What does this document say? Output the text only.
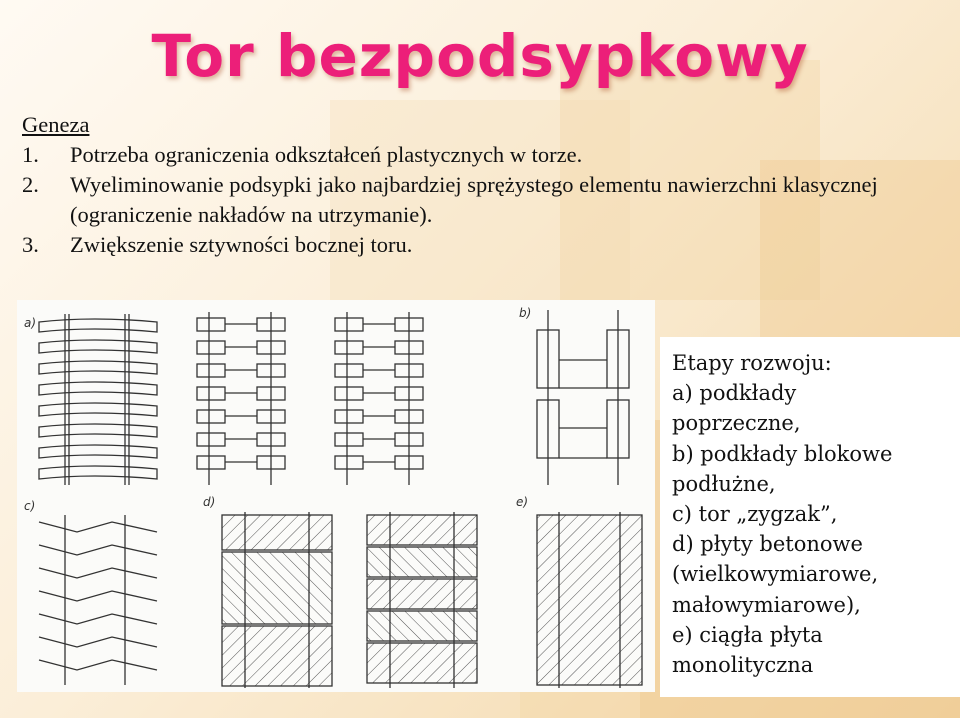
Tor bezpodsypkowy
Geneza
1. Potrzeba ograniczenia odkształceń plastycznych w torze.
2. Wyeliminowanie podsypki jako najbardziej sprężystego elementu nawierzchni klasycznej (ograniczenie nakładów na utrzymanie).
3. Zwiększenie sztywności bocznej toru.
a)
b)
c)	d)	e)
Etapy rozwoju:
a) podkłady
poprzeczne,
b) podkłady blokowe
podłużne,
c) tor „zygzak”,
d) płyty betonowe
(wielkowymiarowe,
małowymiarowe),
e) ciągła płyta
monolityczna
